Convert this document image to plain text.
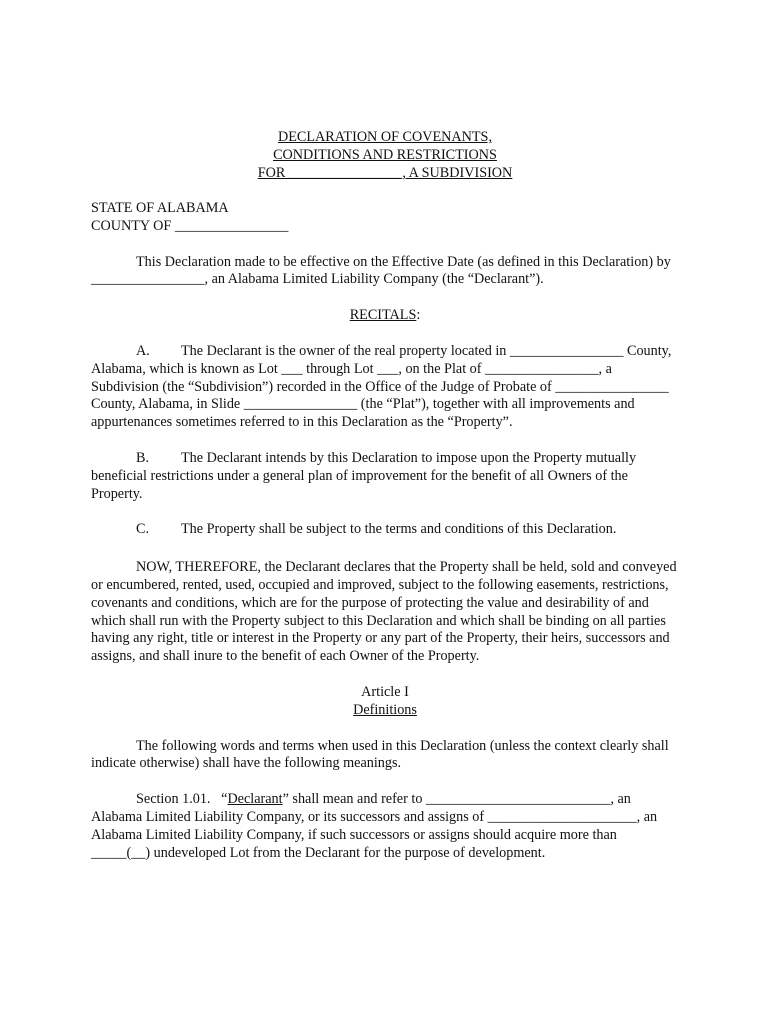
DECLARATION OF COVENANTS,

CONDITIONS AND RESTRICTIONS

FOR ________________, A SUBDIVISION

STATE OF ALABAMA

COUNTY OF ________________

This Declaration made to be effective on the Effective Date (as defined in this Declaration) by ________________, an Alabama Limited Liability Company (the “Declarant”).

RECITALS:

A. The Declarant is the owner of the real property located in ________________ County, Alabama, which is known as Lot ___ through Lot ___, on the Plat of ________________, a Subdivision (the “Subdivision”) recorded in the Office of the Judge of Probate of ________________ County, Alabama, in Slide ________________ (the “Plat”), together with all improvements and appurtenances sometimes referred to in this Declaration as the “Property”.

B. The Declarant intends by this Declaration to impose upon the Property mutually beneficial restrictions under a general plan of improvement for the benefit of all Owners of the Property.

C. The Property shall be subject to the terms and conditions of this Declaration.

NOW, THEREFORE, the Declarant declares that the Property shall be held, sold and conveyed or encumbered, rented, used, occupied and improved, subject to the following easements, restrictions, covenants and conditions, which are for the purpose of protecting the value and desirability of and which shall run with the Property subject to this Declaration and which shall be binding on all parties having any right, title or interest in the Property or any part of the Property, their heirs, successors and assigns, and shall inure to the benefit of each Owner of the Property.

Article I

Definitions

The following words and terms when used in this Declaration (unless the context clearly shall indicate otherwise) shall have the following meanings.

Section 1.01. “Declarant” shall mean and refer to __________________________, an Alabama Limited Liability Company, or its successors and assigns of _____________________, an Alabama Limited Liability Company, if such successors or assigns should acquire more than _____(__) undeveloped Lot from the Declarant for the purpose of development.
